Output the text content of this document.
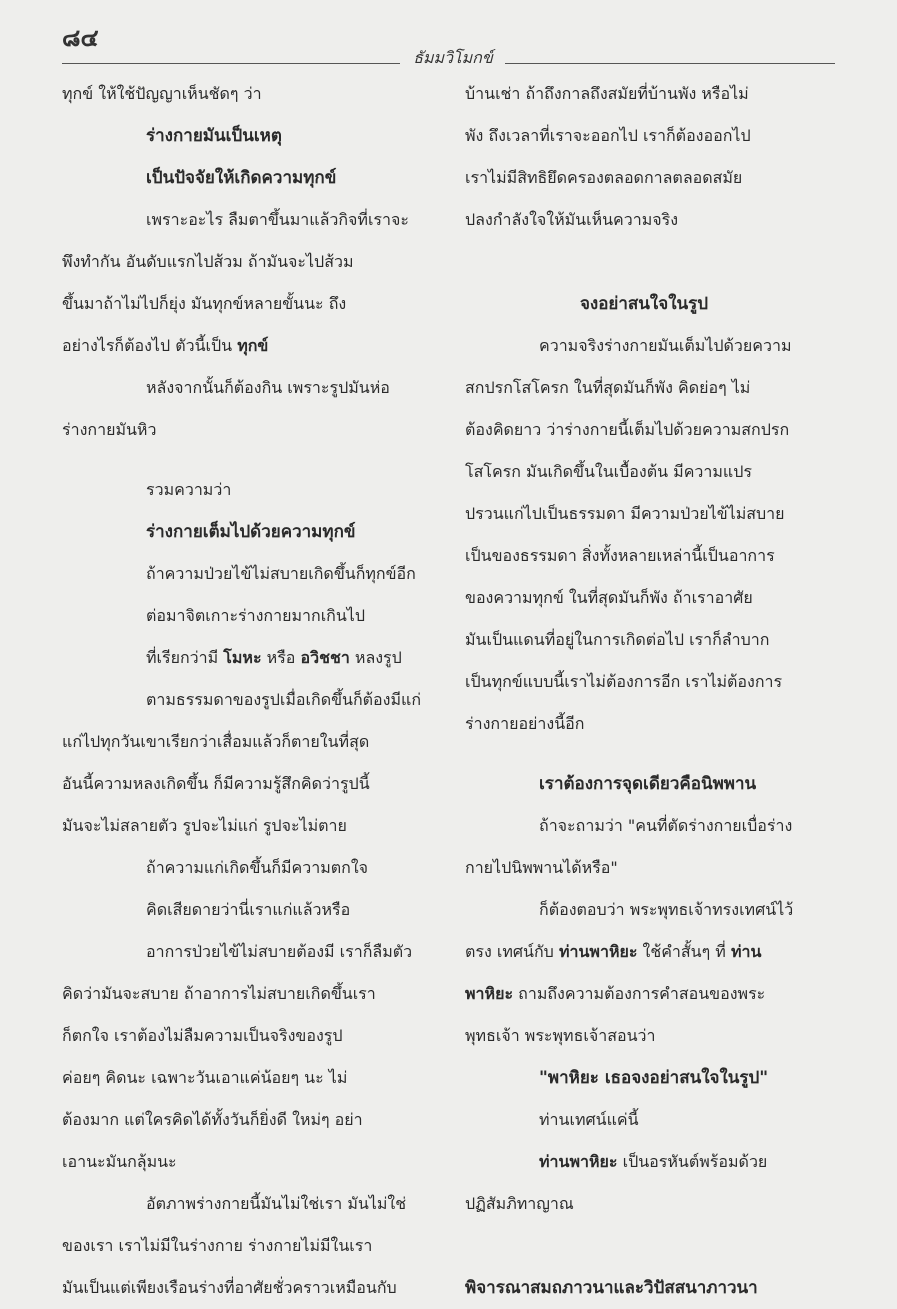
๘๔
ธัมมวิโมกข์
ทุกข์ ให้ใช้ปัญญาเห็นชัดๆ ว่า
ร่างกายมันเป็นเหตุ
เป็นปัจจัยให้เกิดความทุกข์
เพราะอะไร ลืมตาขึ้นมาแล้วกิจที่เราจะ
พึงทำกัน อันดับแรกไปส้วม ถ้ามันจะไปส้วม
ขึ้นมาถ้าไม่ไปก็ยุ่ง มันทุกข์หลายขั้นนะ ถึง
อย่างไรก็ต้องไป ตัวนี้เป็น ทุกข์
หลังจากนั้นก็ต้องกิน เพราะรูปมันห่อ
ร่างกายมันหิว
รวมความว่า
ร่างกายเต็มไปด้วยความทุกข์
ถ้าความป่วยไข้ไม่สบายเกิดขึ้นก็ทุกข์อีก
ต่อมาจิตเกาะร่างกายมากเกินไป
ที่เรียกว่ามี โมหะ หรือ อวิชชา หลงรูป
ตามธรรมดาของรูปเมื่อเกิดขึ้นก็ต้องมีแก่
แก่ไปทุกวันเขาเรียกว่าเสื่อมแล้วก็ตายในที่สุด
อันนี้ความหลงเกิดขึ้น ก็มีความรู้สึกคิดว่ารูปนี้
มันจะไม่สลายตัว รูปจะไม่แก่ รูปจะไม่ตาย
ถ้าความแก่เกิดขึ้นก็มีความตกใจ
คิดเสียดายว่านี่เราแก่แล้วหรือ
อาการป่วยไข้ไม่สบายต้องมี เราก็ลืมตัว
คิดว่ามันจะสบาย ถ้าอาการไม่สบายเกิดขึ้นเรา
ก็ตกใจ เราต้องไม่ลืมความเป็นจริงของรูป
ค่อยๆ คิดนะ เฉพาะวันเอาแค่น้อยๆ นะ ไม่
ต้องมาก แต่ใครคิดได้ทั้งวันก็ยิ่งดี ใหม่ๆ อย่า
เอานะมันกลุ้มนะ
อัตภาพร่างกายนี้มันไม่ใช่เรา มันไม่ใช่
ของเรา เราไม่มีในร่างกาย ร่างกายไม่มีในเรา
มันเป็นแต่เพียงเรือนร่างที่อาศัยชั่วคราวเหมือนกับ
บ้านเช่า ถ้าถึงกาลถึงสมัยที่บ้านพัง หรือไม่
พัง ถึงเวลาที่เราจะออกไป เราก็ต้องออกไป
เราไม่มีสิทธิยึดครองตลอดกาลตลอดสมัย
ปลงกำลังใจให้มันเห็นความจริง
จงอย่าสนใจในรูป
ความจริงร่างกายมันเต็มไปด้วยความ
สกปรกโสโครก ในที่สุดมันก็พัง คิดย่อๆ ไม่
ต้องคิดยาว ว่าร่างกายนี้เต็มไปด้วยความสกปรก
โสโครก มันเกิดขึ้นในเบื้องต้น มีความแปร
ปรวนแก่ไปเป็นธรรมดา มีความป่วยไข้ไม่สบาย
เป็นของธรรมดา สิ่งทั้งหลายเหล่านี้เป็นอาการ
ของความทุกข์ ในที่สุดมันก็พัง ถ้าเราอาศัย
มันเป็นแดนที่อยู่ในการเกิดต่อไป เราก็ลำบาก
เป็นทุกข์แบบนี้เราไม่ต้องการอีก เราไม่ต้องการ
ร่างกายอย่างนี้อีก
เราต้องการจุดเดียวคือนิพพาน
ถ้าจะถามว่า "คนที่ตัดร่างกายเบื่อร่าง
กายไปนิพพานได้หรือ"
ก็ต้องตอบว่า พระพุทธเจ้าทรงเทศน์ไว้
ตรง เทศน์กับ ท่านพาหิยะ ใช้คำสั้นๆ ที่ ท่าน
พาหิยะ ถามถึงความต้องการคำสอนของพระ
พุทธเจ้า พระพุทธเจ้าสอนว่า
"พาหิยะ เธอจงอย่าสนใจในรูป"
ท่านเทศน์แค่นี้
ท่านพาหิยะ เป็นอรหันต์พร้อมด้วย
ปฏิสัมภิทาญาณ
พิจารณาสมถภาวนาและวิปัสสนาภาวนา
